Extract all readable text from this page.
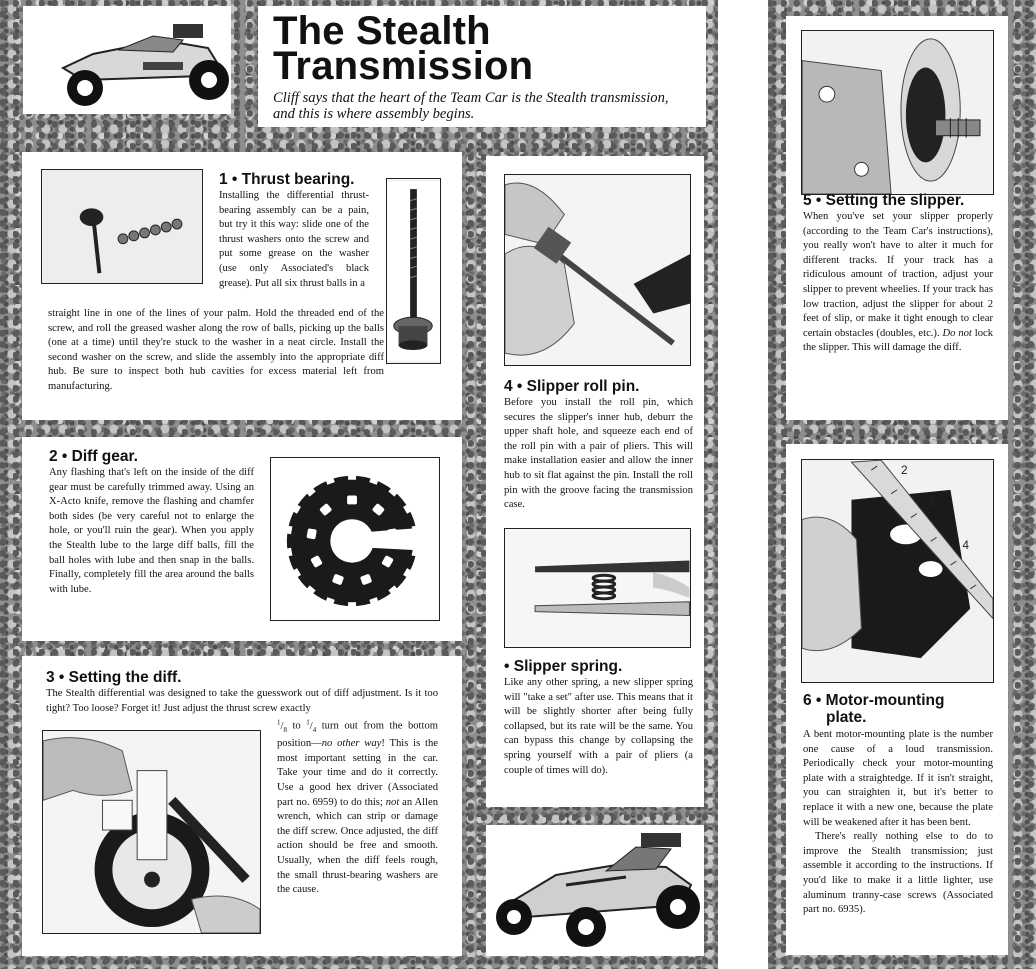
The Stealth
Transmission
Cliff says that the heart of the Team Car is the Stealth transmission, and this is where assembly begins.
1 • Thrust bearing.
Installing the differential thrust-bearing assembly can be a pain, but try it this way: slide one of the thrust washers onto the screw and put some grease on the washer (use only Associated's black grease). Put all six thrust balls in a
straight line in one of the lines of your palm. Hold the threaded end of the screw, and roll the greased washer along the row of balls, picking up the balls (one at a time) until they're stuck to the washer in a neat circle. Install the second washer on the screw, and slide the assembly into the appropriate diff hub. Be sure to inspect both hub cavities for excess material left from manufacturing.
2 • Diff gear.
Any flashing that's left on the inside of the diff gear must be carefully trimmed away. Using an X-Acto knife, remove the flashing and chamfer both sides (be very careful not to enlarge the hole, or you'll ruin the gear). When you apply the Stealth lube to the large diff balls, fill the ball holes with lube and then snap in the balls. Finally, completely fill the area around the balls with lube.
3 • Setting the diff.
The Stealth differential was designed to take the guesswork out of diff adjustment. Is it too tight? Too loose? Forget it! Just adjust the thrust screw exactly
$^1/_8$ to $^1/_4$ turn out from the bottom position—no other way! This is the most important setting in the car. Take your time and do it correctly. Use a good hex driver (Associated part no. 6959) to do this; not an Allen wrench, which can strip or damage the diff screw. Once adjusted, the diff action should be free and smooth. Usually, when the diff feels rough, the small thrust-bearing washers are the cause.
4 • Slipper roll pin.
Before you install the roll pin, which secures the slipper's inner hub, deburr the upper shaft hole, and squeeze each end of the roll pin with a pair of pliers. This will make installation easier and allow the inner hub to sit flat against the pin. Install the roll pin with the groove facing the transmission case.
• Slipper spring.
Like any other spring, a new slipper spring will "take a set" after use. This means that it will be slightly shorter after being fully collapsed, but its rate will be the same. You can bypass this change by collapsing the spring yourself with a pair of pliers (a couple of times will do).
5 • Setting the slipper.
When you've set your slipper properly (according to the Team Car's instructions), you really won't have to alter it much for different tracks. If your track has a ridiculous amount of traction, adjust your slipper to prevent wheelies. If your track has low traction, adjust the slipper for about 2 feet of slip, or make it tight enough to clear certain obstacles (doubles, etc.). Do not lock the slipper. This will damage the diff.
2
3
4
6 • Motor-mounting
plate.
A bent motor-mounting plate is the number one cause of a loud transmission. Periodically check your motor-mounting plate with a straightedge. If it isn't straight, you can straighten it, but it's better to replace it with a new one, because the plate will be weakened after it has been bent.

There's really nothing else to do to improve the Stealth transmission; just assemble it according to the instructions. If you'd like to make it a little lighter, use aluminum tranny-case screws (Associated part no. 6935).
